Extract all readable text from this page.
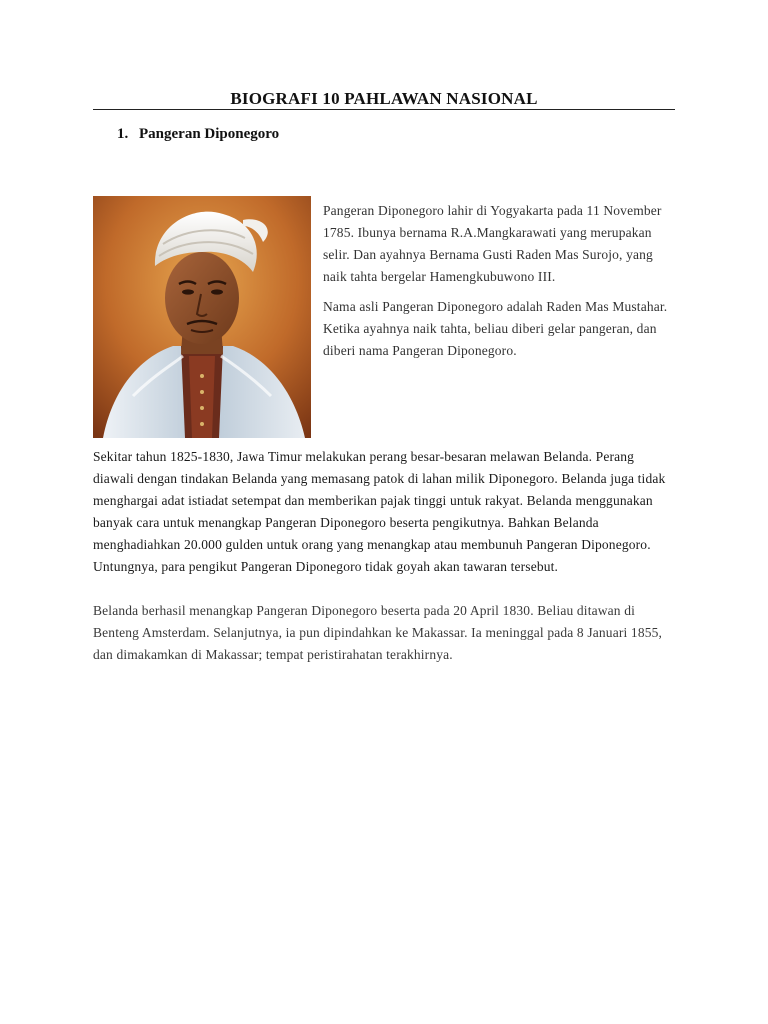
BIOGRAFI 10 PAHLAWAN NASIONAL
1. Pangeran Diponegoro

Pangeran Diponegoro lahir di Yogyakarta pada 11 November 1785. Ibunya bernama R.A.Mangkarawati yang merupakan selir. Dan ayahnya Bernama Gusti Raden Mas Surojo, yang naik tahta bergelar Hamengkubuwono III.

Nama asli Pangeran Diponegoro adalah Raden Mas Mustahar. Ketika ayahnya naik tahta, beliau diberi gelar pangeran, dan diberi nama Pangeran Diponegoro.

Sekitar tahun 1825-1830, Jawa Timur melakukan perang besar-besaran melawan Belanda. Perang diawali dengan tindakan Belanda yang memasang patok di lahan milik Diponegoro. Belanda juga tidak menghargai adat istiadat setempat dan memberikan pajak tinggi untuk rakyat. Belanda menggunakan banyak cara untuk menangkap Pangeran Diponegoro beserta pengikutnya. Bahkan Belanda menghadiahkan 20.000 gulden untuk orang yang menangkap atau membunuh Pangeran Diponegoro. Untungnya, para pengikut Pangeran Diponegoro tidak goyah akan tawaran tersebut.

Belanda berhasil menangkap Pangeran Diponegoro beserta pada 20 April 1830. Beliau ditawan di Benteng Amsterdam. Selanjutnya, ia pun dipindahkan ke Makassar. Ia meninggal pada 8 Januari 1855, dan dimakamkan di Makassar; tempat peristirahatan terakhirnya.
